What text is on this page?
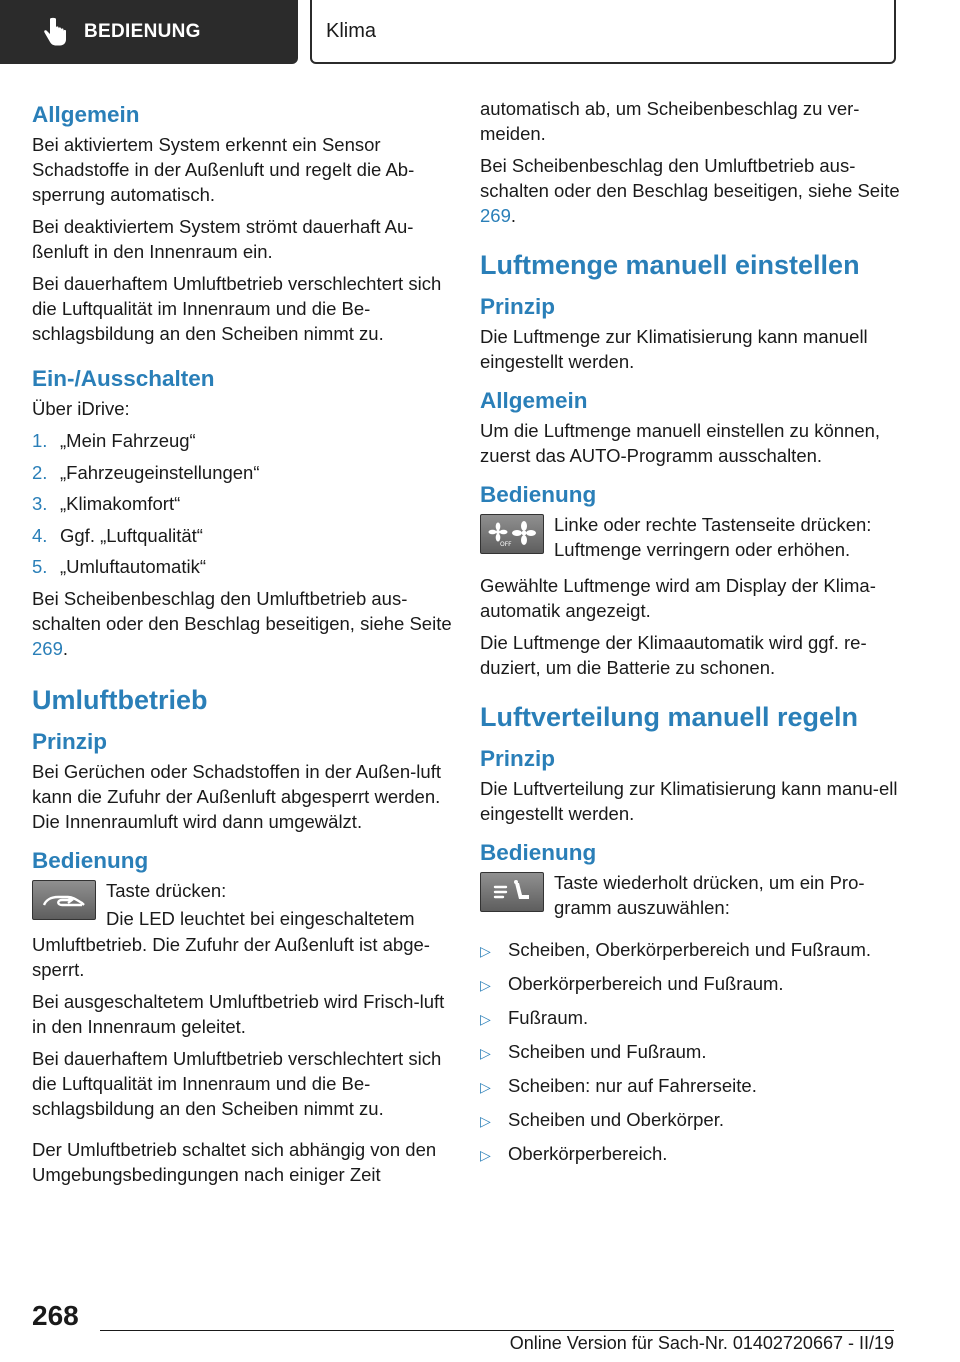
BEDIENUNG	Klima
Allgemein

Bei aktiviertem System erkennt ein Sensor Schadstoffe in der Außenluft und regelt die Ab-sperrung automatisch.

Bei deaktiviertem System strömt dauerhaft Au-ßenluft in den Innenraum ein.

Bei dauerhaftem Umluftbetrieb verschlechtert sich die Luftqualität im Innenraum und die Be-schlagsbildung an den Scheiben nimmt zu.

Ein-/Ausschalten

Über iDrive:

1. „Mein Fahrzeug“
2. „Fahrzeugeinstellungen“
3. „Klimakomfort“
4. Ggf. „Luftqualität“
5. „Umluftautomatik“

Bei Scheibenbeschlag den Umluftbetrieb aus-schalten oder den Beschlag beseitigen, siehe Seite 269.

Umluftbetrieb
Prinzip

Bei Gerüchen oder Schadstoffen in der Außen-luft kann die Zufuhr der Außenluft abgesperrt werden. Die Innenraumluft wird dann umgewälzt.

Bedienung

Taste drücken:

Die LED leuchtet bei eingeschaltetem

Umluftbetrieb. Die Zufuhr der Außenluft ist abge-sperrt.

Bei ausgeschaltetem Umluftbetrieb wird Frisch-luft in den Innenraum geleitet.

Bei dauerhaftem Umluftbetrieb verschlechtert sich die Luftqualität im Innenraum und die Be-schlagsbildung an den Scheiben nimmt zu.

Der Umluftbetrieb schaltet sich abhängig von den Umgebungsbedingungen nach einiger Zeit

automatisch ab, um Scheibenbeschlag zu ver-meiden.

Bei Scheibenbeschlag den Umluftbetrieb aus-schalten oder den Beschlag beseitigen, siehe Seite 269.

Luftmenge manuell einstellen
Prinzip

Die Luftmenge zur Klimatisierung kann manuell eingestellt werden.

Allgemein

Um die Luftmenge manuell einstellen zu können, zuerst das AUTO-Programm ausschalten.

Bedienung
OFF

Linke oder rechte Tastenseite drücken: Luftmenge verringern oder erhöhen.

Gewählte Luftmenge wird am Display der Klima-automatik angezeigt.

Die Luftmenge der Klimaautomatik wird ggf. re-duziert, um die Batterie zu schonen.

Luftverteilung manuell regeln
Prinzip

Die Luftverteilung zur Klimatisierung kann manu-ell eingestellt werden.

Bedienung

Taste wiederholt drücken, um ein Pro-gramm auszuwählen:

▷ Scheiben, Oberkörperbereich und Fußraum.
▷ Oberkörperbereich und Fußraum.
▷ Fußraum.
▷ Scheiben und Fußraum.
▷ Scheiben: nur auf Fahrerseite.
▷ Scheiben und Oberkörper.
▷ Oberkörperbereich.
268
Online Version für Sach-Nr. 01402720667 - II/19
